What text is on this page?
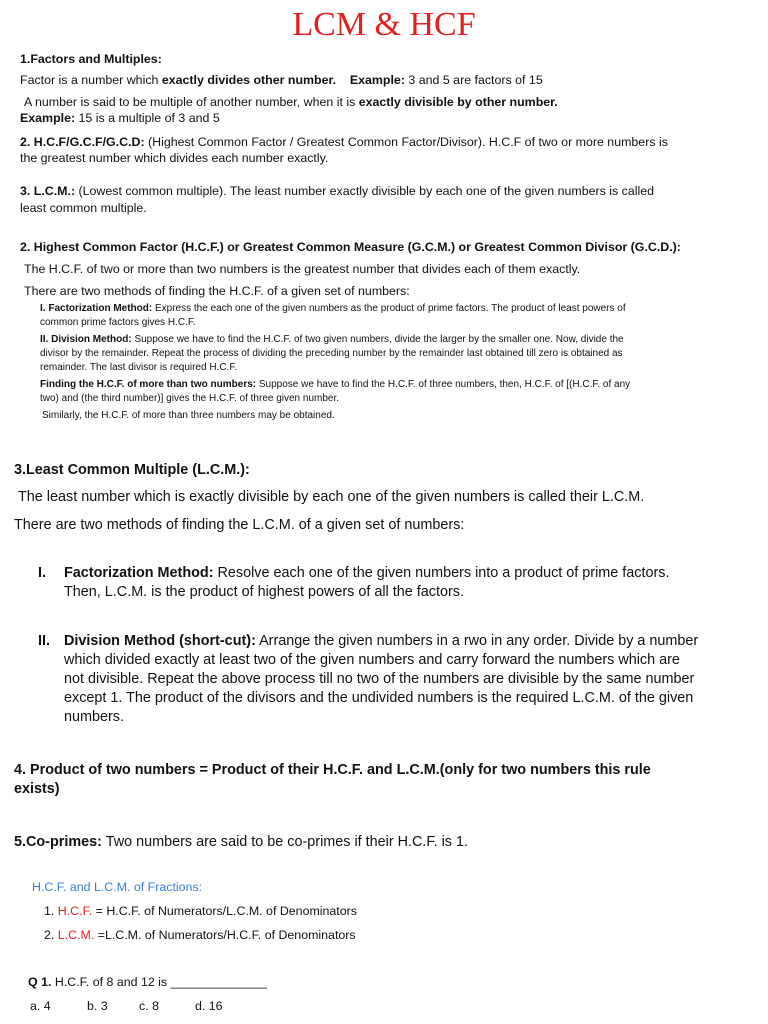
LCM & HCF
1.Factors and Multiples:
Factor is a number which exactly divides other number. Example: 3 and 5 are factors of 15
A number is said to be multiple of another number, when it is exactly divisible by other number.
Example: 15 is a multiple of 3 and 5
2. H.C.F/G.C.F/G.C.D: (Highest Common Factor / Greatest Common Factor/Divisor). H.C.F of two or more numbers is
the greatest number which divides each number exactly.
3. L.C.M.: (Lowest common multiple). The least number exactly divisible by each one of the given numbers is called
least common multiple.
2. Highest Common Factor (H.C.F.) or Greatest Common Measure (G.C.M.) or Greatest Common Divisor (G.C.D.):
The H.C.F. of two or more than two numbers is the greatest number that divides each of them exactly.
There are two methods of finding the H.C.F. of a given set of numbers:
I. Factorization Method: Express the each one of the given numbers as the product of prime factors. The product of least powers of
common prime factors gives H.C.F.
II. Division Method: Suppose we have to find the H.C.F. of two given numbers, divide the larger by the smaller one. Now, divide the
divisor by the remainder. Repeat the process of dividing the preceding number by the remainder last obtained till zero is obtained as
remainder. The last divisor is required H.C.F.
Finding the H.C.F. of more than two numbers: Suppose we have to find the H.C.F. of three numbers, then, H.C.F. of [(H.C.F. of any
two) and (the third number)] gives the H.C.F. of three given number.
Similarly, the H.C.F. of more than three numbers may be obtained.
3.Least Common Multiple (L.C.M.):
The least number which is exactly divisible by each one of the given numbers is called their L.C.M.
There are two methods of finding the L.C.M. of a given set of numbers:
I. Factorization Method: Resolve each one of the given numbers into a product of prime factors.
Then, L.C.M. is the product of highest powers of all the factors.
II. Division Method (short-cut): Arrange the given numbers in a rwo in any order. Divide by a number
which divided exactly at least two of the given numbers and carry forward the numbers which are
not divisible. Repeat the above process till no two of the numbers are divisible by the same number
except 1. The product of the divisors and the undivided numbers is the required L.C.M. of the given
numbers.
4. Product of two numbers = Product of their H.C.F. and L.C.M.(only for two numbers this rule
exists)
5.Co-primes: Two numbers are said to be co-primes if their H.C.F. is 1.
H.C.F. and L.C.M. of Fractions:
1. H.C.F. = H.C.F. of Numerators/L.C.M. of Denominators
2. L.C.M. =L.C.M. of Numerators/H.C.F. of Denominators
Q 1. H.C.F. of 8 and 12 is ______________
a. 4	b. 3	c. 8	d. 16
